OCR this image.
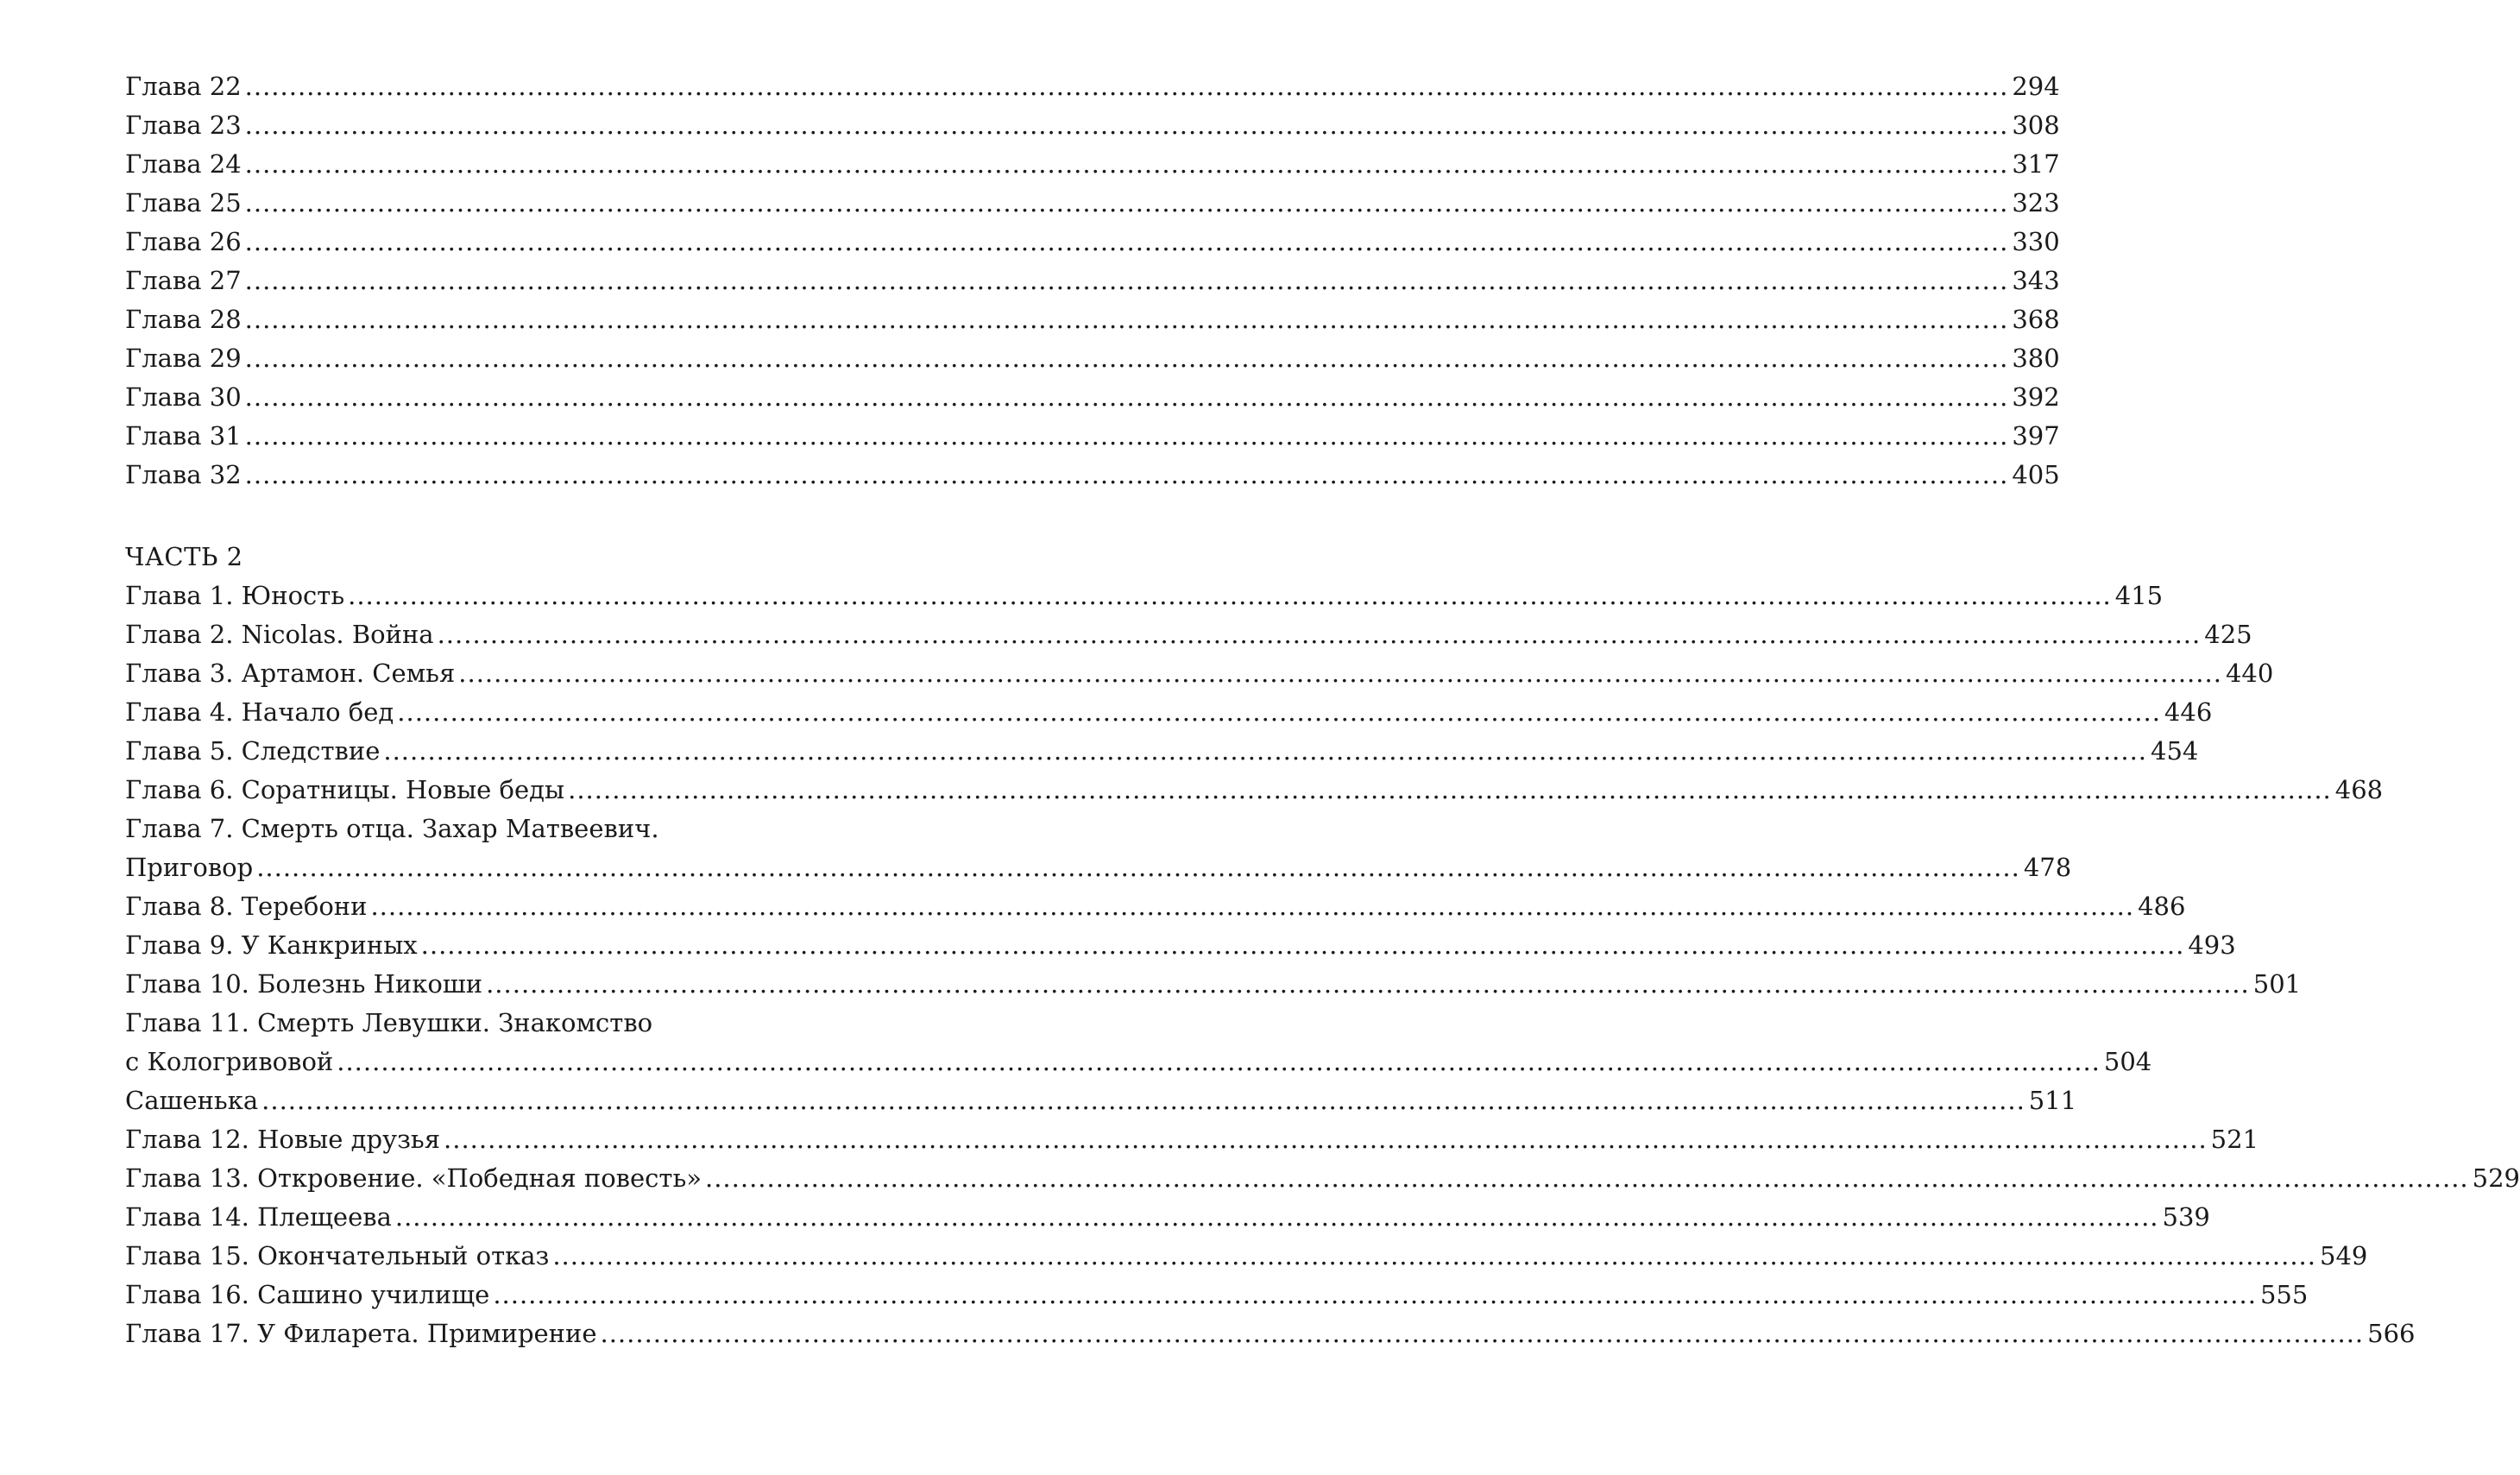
Глава 22 ........................................................................................................................................................................................................ 294
Глава 23 ........................................................................................................................................................................................................ 308
Глава 24 ........................................................................................................................................................................................................ 317
Глава 25 ........................................................................................................................................................................................................ 323
Глава 26 ........................................................................................................................................................................................................ 330
Глава 27 ........................................................................................................................................................................................................ 343
Глава 28 ........................................................................................................................................................................................................ 368
Глава 29 ........................................................................................................................................................................................................ 380
Глава 30 ........................................................................................................................................................................................................ 392
Глава 31 ........................................................................................................................................................................................................ 397
Глава 32 ........................................................................................................................................................................................................ 405
ЧАСТЬ 2
Глава 1. Юность ........................................................................................................................................................................................................ 415
Глава 2. Nicolas. Война ........................................................................................................................................................................................................ 425
Глава 3. Артамон. Семья ........................................................................................................................................................................................................ 440
Глава 4. Начало бед ........................................................................................................................................................................................................ 446
Глава 5. Следствие ........................................................................................................................................................................................................ 454
Глава 6. Соратницы. Новые беды ........................................................................................................................................................................................................ 468
Глава 7. Смерть отца. Захар Матвеевич.
Приговор ........................................................................................................................................................................................................ 478
Глава 8. Теребони ........................................................................................................................................................................................................ 486
Глава 9. У Канкриных ........................................................................................................................................................................................................ 493
Глава 10. Болезнь Никоши ........................................................................................................................................................................................................ 501
Глава 11. Смерть Левушки. Знакомство
с Кологривовой ........................................................................................................................................................................................................ 504
Сашенька ........................................................................................................................................................................................................ 511
Глава 12. Новые друзья ........................................................................................................................................................................................................ 521
Глава 13. Откровение. «Победная повесть» ........................................................................................................................................................................................................ 529
Глава 14. Плещеева ........................................................................................................................................................................................................ 539
Глава 15. Окончательный отказ ........................................................................................................................................................................................................ 549
Глава 16. Сашино училище ........................................................................................................................................................................................................ 555
Глава 17. У Филарета. Примирение ........................................................................................................................................................................................................ 566
